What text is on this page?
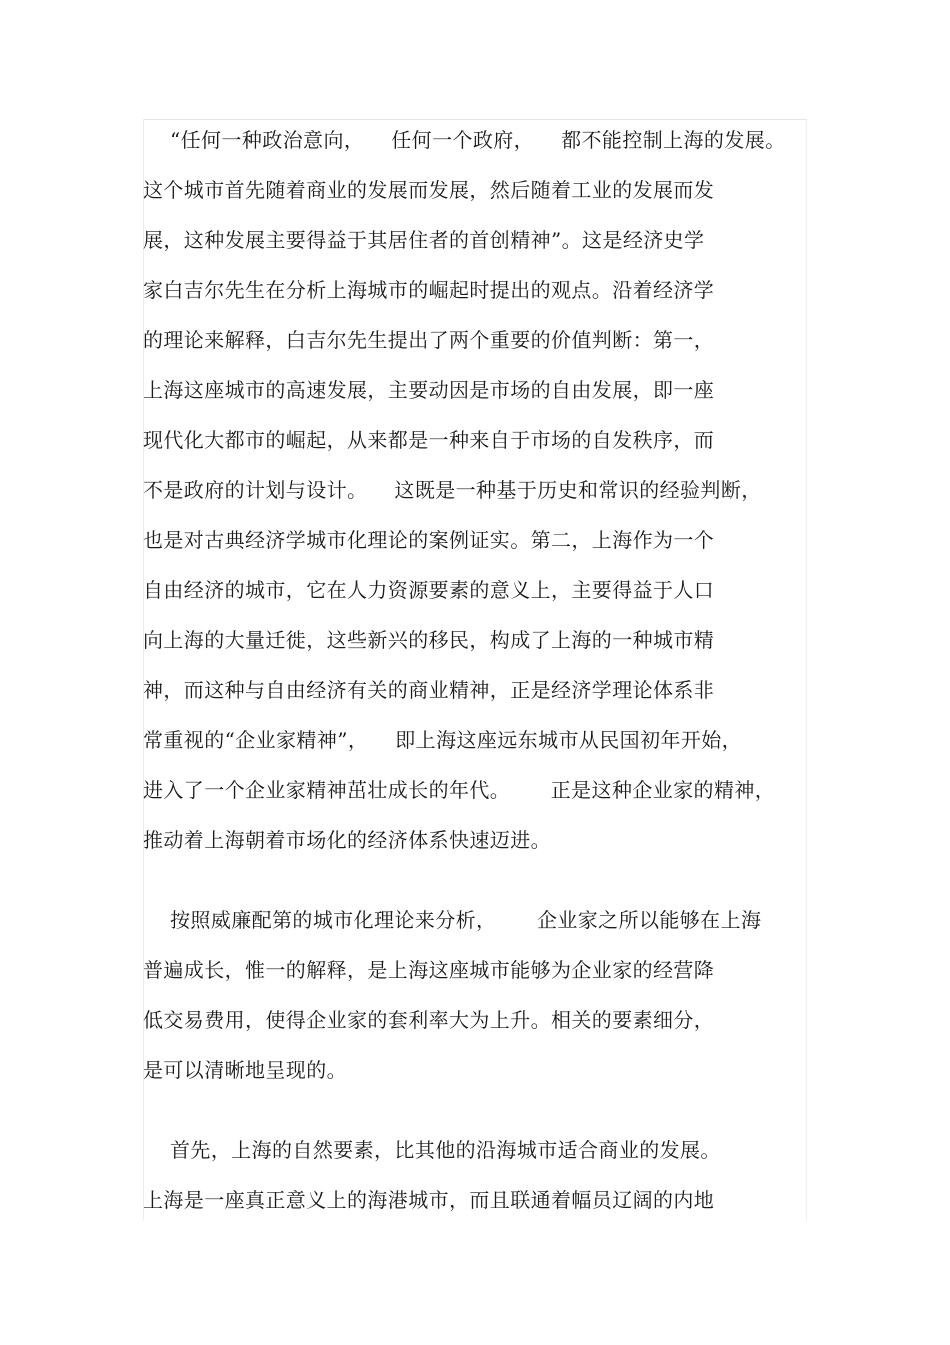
“任何一种政治意向，    任何一个政府，    都不能控制上海的发展。
这个城市首先随着商业的发展而发展，然后随着工业的发展而发
展，这种发展主要得益于其居住者的首创精神”。这是经济史学
家白吉尔先生在分析上海城市的崛起时提出的观点。沿着经济学
的理论来解释，白吉尔先生提出了两个重要的价值判断：第一，
上海这座城市的高速发展，主要动因是市场的自由发展，即一座
现代化大都市的崛起，从来都是一种来自于市场的自发秩序，而
不是政府的计划与设计。    这既是一种基于历史和常识的经验判断，
也是对古典经济学城市化理论的案例证实。第二，上海作为一个
自由经济的城市，它在人力资源要素的意义上，主要得益于人口
向上海的大量迁徙，这些新兴的移民，构成了上海的一种城市精
神，而这种与自由经济有关的商业精神，正是经济学理论体系非
常重视的“企业家精神”，    即上海这座远东城市从民国初年开始，
进入了一个企业家精神茁壮成长的年代。      正是这种企业家的精神，
推动着上海朝着市场化的经济体系快速迈进。
按照威廉配第的城市化理论来分析，      企业家之所以能够在上海
普遍成长，惟一的解释，是上海这座城市能够为企业家的经营降
低交易费用，使得企业家的套利率大为上升。相关的要素细分，
是可以清晰地呈现的。
首先，上海的自然要素，比其他的沿海城市适合商业的发展。
上海是一座真正意义上的海港城市，而且联通着幅员辽阔的内地
